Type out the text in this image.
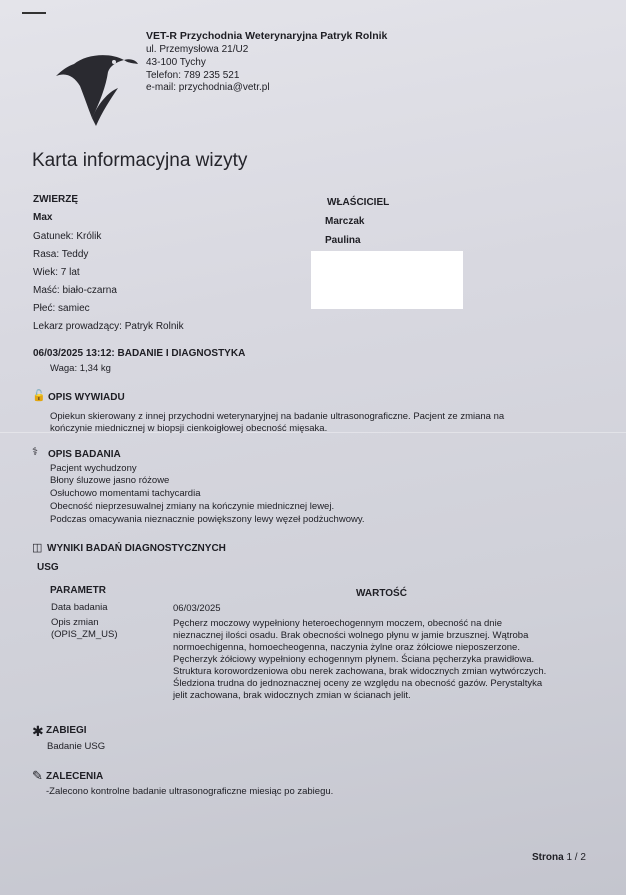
VET-R Przychodnia Weterynaryjna Patryk Rolnik
ul. Przemysłowa 21/U2
43-100 Tychy
Telefon: 789 235 521
e-mail: przychodnia@vetr.pl
Karta informacyjna wizyty
ZWIERZĘ
Max
Gatunek: Królik
Rasa: Teddy
Wiek: 7 lat
Maść: biało-czarna
Płeć: samiec
Lekarz prowadzący: Patryk Rolnik
WŁAŚCICIEL
Marczak
Paulina
06/03/2025 13:12: BADANIE I DIAGNOSTYKA
Waga: 1,34 kg
🔓 OPIS WYWIADU
Opiekun skierowany z innej przychodni weterynaryjnej na badanie ultrasonograficzne. Pacjent ze zmiana na
kończynie miednicznej w biopsji cienkoigłowej obecność mięsaka.
⚕ OPIS BADANIA
Pacjent wychudzony
Błony śluzowe jasno różowe
Osłuchowo momentami tachycardia
Obecność nieprzesuwalnej zmiany na kończynie miednicznej lewej.
Podczas omacywania nieznacznie powiększony lewy węzeł podżuchwowy.
◫ WYNIKI BADAŃ DIAGNOSTYCZNYCH
USG
PARAMETR	WARTOŚĆ
Data badania	06/03/2025
Opis zmian
(OPIS_ZM_US)
Pęcherz moczowy wypełniony heteroechogennym moczem, obecność na dnie
nieznacznej ilości osadu. Brak obecności wolnego płynu w jamie brzusznej. Wątroba
normoechigenna, homoecheogenna, naczynia żylne oraz żółciowe nieposzerzone.
Pęcherzyk żółciowy wypełniony echogennym płynem. Ściana pęcherzyka prawidłowa.
Struktura korowordzeniowa obu nerek zachowana, brak widocznych zmian wytwórczych.
Śledziona trudna do jednoznacznej oceny ze względu na obecność gazów. Perystaltyka
jelit zachowana, brak widocznych zmian w ścianach jelit.
✱ ZABIEGI
Badanie USG
✎ ZALECENIA
-Zalecono kontrolne badanie ultrasonograficzne miesiąc po zabiegu.
Strona 1 / 2
